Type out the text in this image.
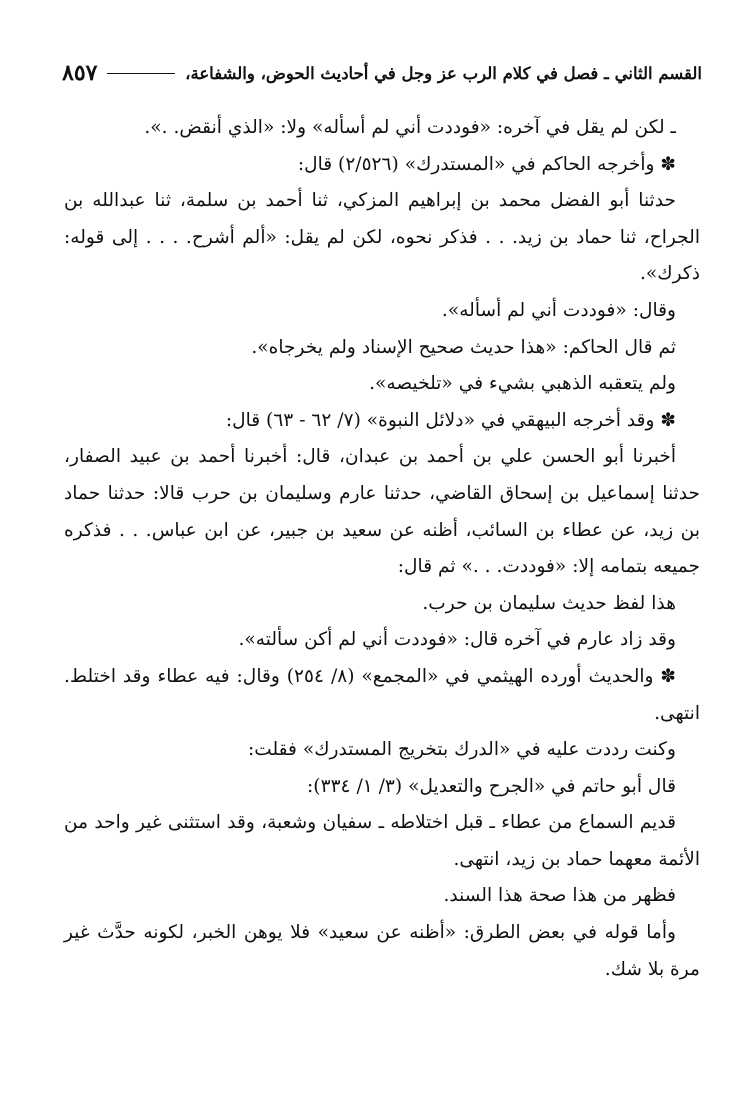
القسم الثاني ـ فصل في كلام الرب عز وجل في أحاديث الحوض، والشفاعة،
٨٥٧

ـ لكن لم يقل في آخره: «فوددت أني لم أسأله» ولا: «الذي أنقض. .».

✽ وأخرجه الحاكم في «المستدرك» (٢/٥٢٦) قال:

حدثنا أبو الفضل محمد بن إبراهيم المزكي، ثنا أحمد بن سلمة، ثنا عبدالله بن الجراح، ثنا حماد بن زيد. . . فذكر نحوه، لكن لم يقل: «ألم أشرح. . . . إلى قوله: ذكرك».

وقال: «فوددت أني لم أسأله».

ثم قال الحاكم: «هذا حديث صحيح الإسناد ولم يخرجاه».

ولم يتعقبه الذهبي بشيء في «تلخيصه».

✽ وقد أخرجه البيهقي في «دلائل النبوة» (٧/ ٦٢ - ٦٣) قال:

أخبرنا أبو الحسن علي بن أحمد بن عبدان، قال: أخبرنا أحمد بن عبيد الصفار، حدثنا إسماعيل بن إسحاق القاضي، حدثنا عارم وسليمان بن حرب قالا: حدثنا حماد بن زيد، عن عطاء بن السائب، أظنه عن سعيد بن جبير، عن ابن عباس. . . فذكره جميعه بتمامه إلا: «فوددت. . .» ثم قال:

هذا لفظ حديث سليمان بن حرب.

وقد زاد عارم في آخره قال: «فوددت أني لم أكن سألته».

✽ والحديث أورده الهيثمي في «المجمع» (٨/ ٢٥٤) وقال: فيه عطاء وقد اختلط. انتهى.

وكنت رددت عليه في «الدرك بتخريج المستدرك» فقلت:

قال أبو حاتم في «الجرح والتعديل» (٣/ ١/ ٣٣٤):

قديم السماع من عطاء ـ قبل اختلاطه ـ سفيان وشعبة، وقد استثنى غير واحد من الأئمة معهما حماد بن زيد، انتهى.

فظهر من هذا صحة هذا السند.

وأما قوله في بعض الطرق: «أظنه عن سعيد» فلا يوهن الخبر، لكونه حدَّث غير مرة بلا شك.
